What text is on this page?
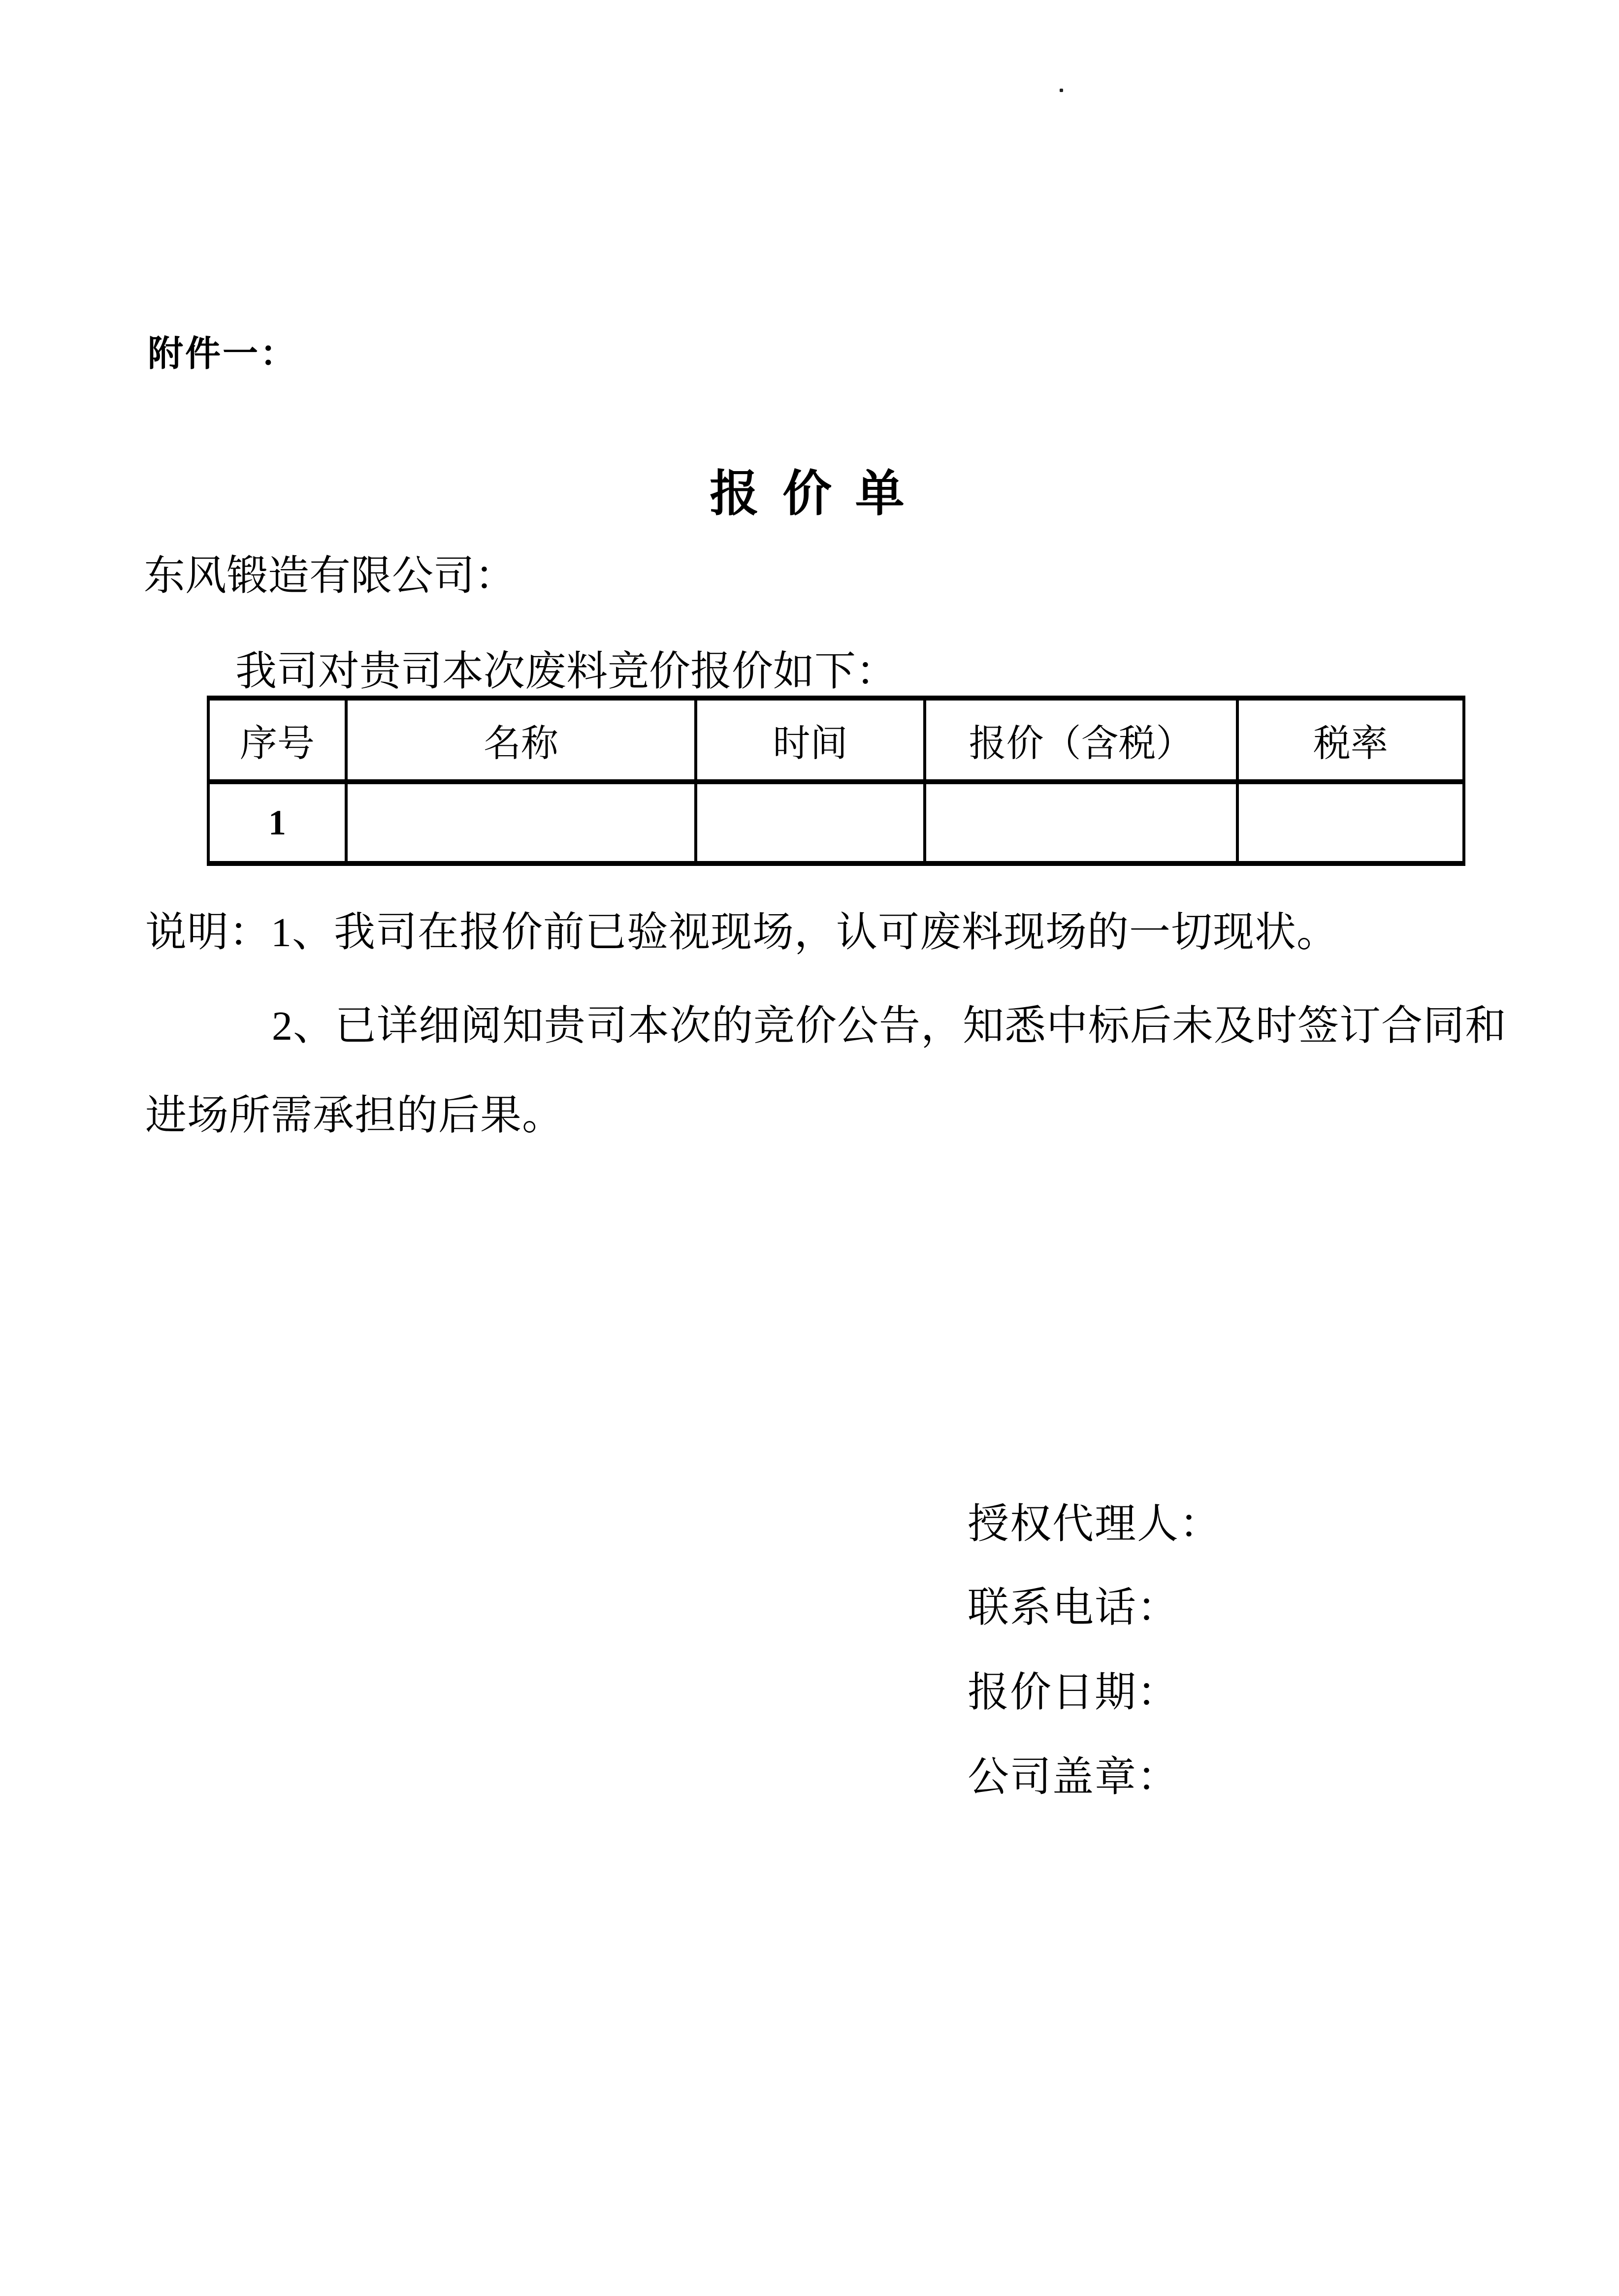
附件一：
报 价 单
东风锻造有限公司：
我司对贵司本次废料竞价报价如下：
序号	名称	时间	报价（含税）	税率
1				
说明：1、我司在报价前已验视现场，认可废料现场的一切现状。
2、已详细阅知贵司本次的竞价公告，知悉中标后未及时签订合同和
进场所需承担的后果。
授权代理人：
联系电话：
报价日期：
公司盖章：
